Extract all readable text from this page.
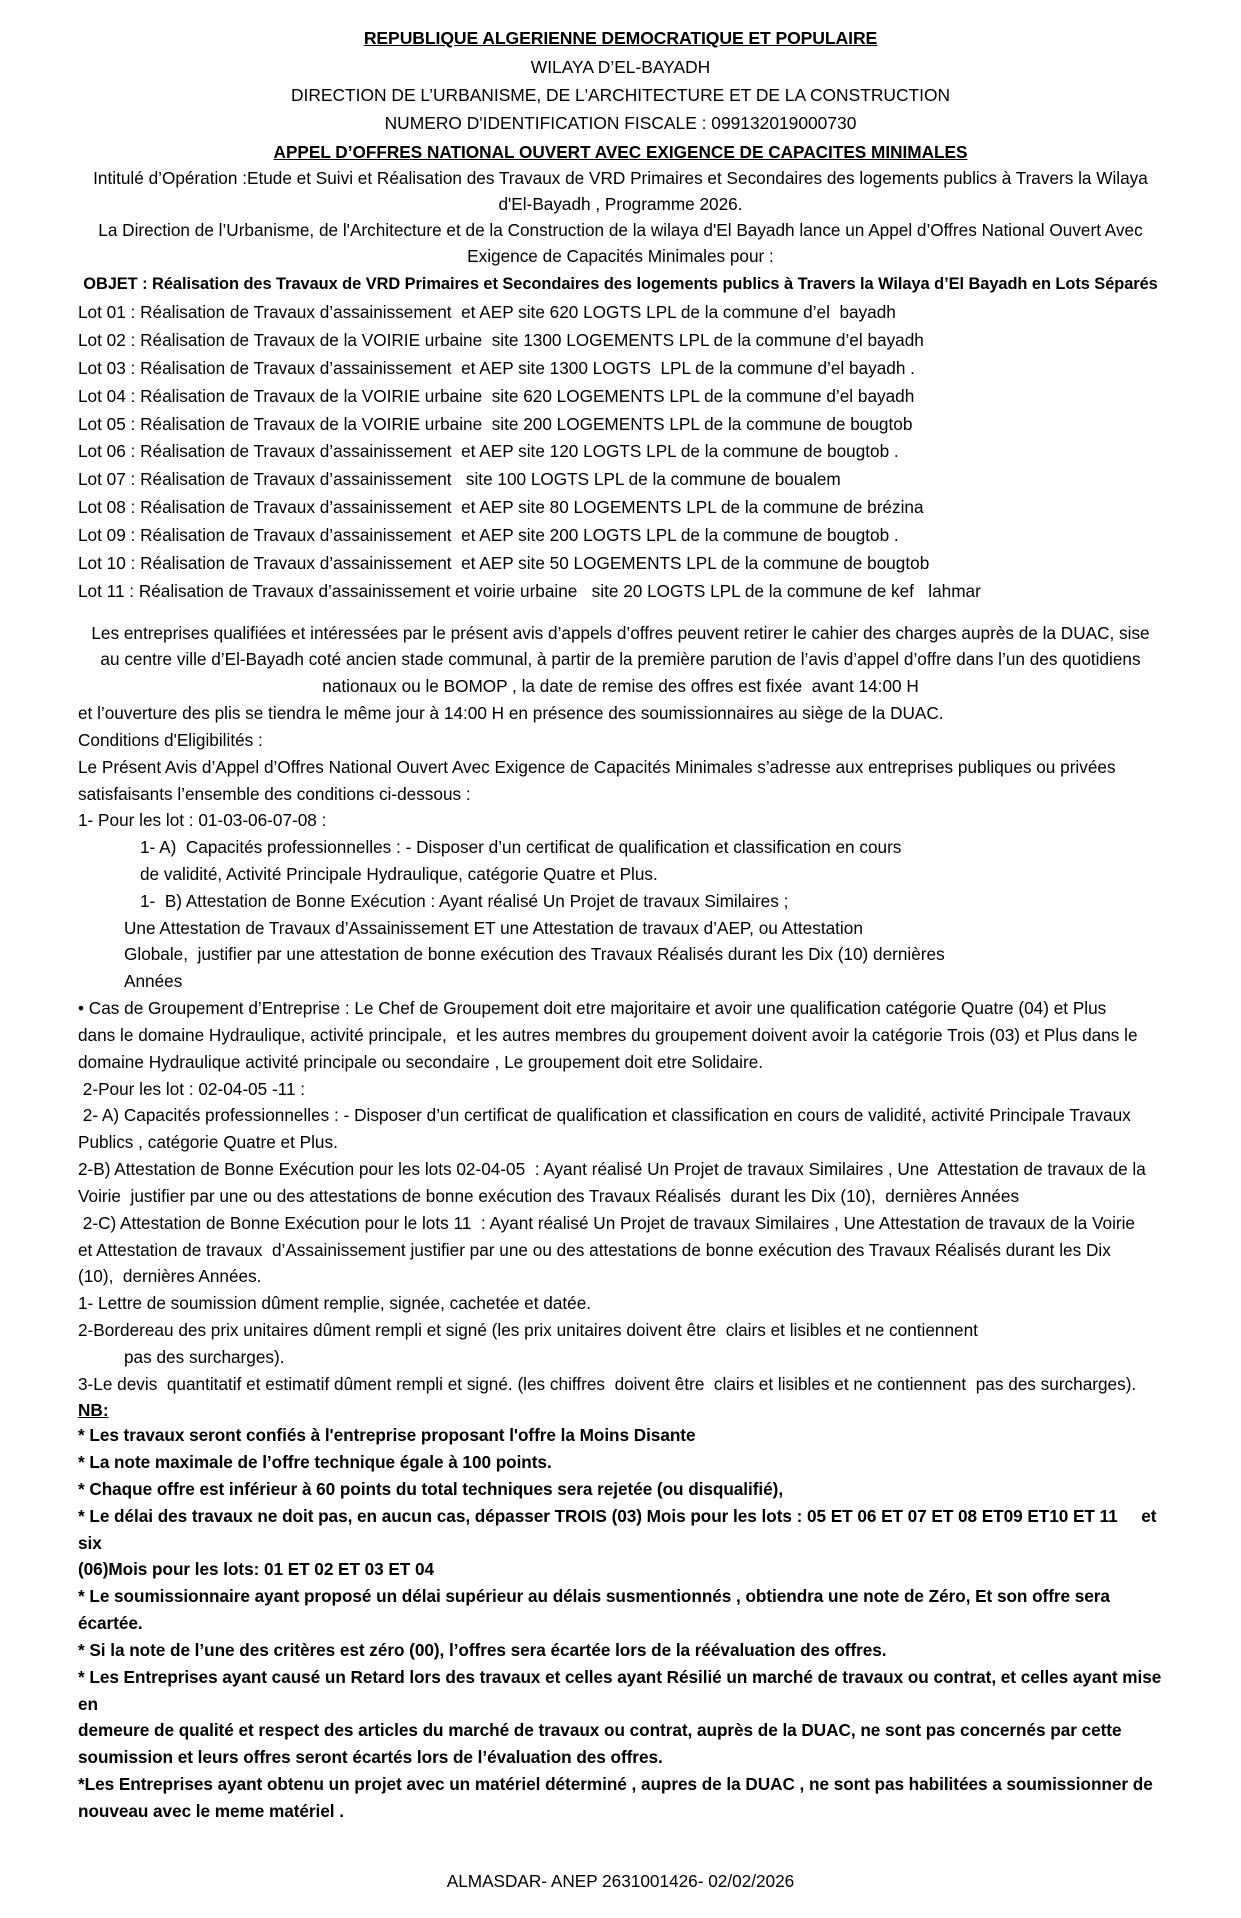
REPUBLIQUE ALGERIENNE DEMOCRATIQUE ET POPULAIRE
WILAYA D’EL-BAYADH
DIRECTION DE L’URBANISME, DE L'ARCHITECTURE ET DE LA CONSTRUCTION
NUMERO D'IDENTIFICATION FISCALE : 099132019000730
APPEL D’OFFRES NATIONAL OUVERT AVEC EXIGENCE DE CAPACITES MINIMALES
Intitulé d’Opération :Etude et Suivi et Réalisation des Travaux de VRD Primaires et Secondaires des logements publics à Travers la Wilaya
d'El-Bayadh , Programme 2026.
La Direction de l’Urbanisme, de l'Architecture et de la Construction de la wilaya d'El Bayadh lance un Appel d’Offres National Ouvert Avec
Exigence de Capacités Minimales pour :
OBJET : Réalisation des Travaux de VRD Primaires et Secondaires des logements publics à Travers la Wilaya d’El Bayadh en Lots Séparés
Lot 01 : Réalisation de Travaux d’assainissement  et AEP site 620 LOGTS LPL de la commune d’el  bayadh
Lot 02 : Réalisation de Travaux de la VOIRIE urbaine  site 1300 LOGEMENTS LPL de la commune d’el bayadh
Lot 03 : Réalisation de Travaux d’assainissement  et AEP site 1300 LOGTS  LPL de la commune d’el bayadh .
Lot 04 : Réalisation de Travaux de la VOIRIE urbaine  site 620 LOGEMENTS LPL de la commune d’el bayadh
Lot 05 : Réalisation de Travaux de la VOIRIE urbaine  site 200 LOGEMENTS LPL de la commune de bougtob
Lot 06 : Réalisation de Travaux d’assainissement  et AEP site 120 LOGTS LPL de la commune de bougtob .
Lot 07 : Réalisation de Travaux d’assainissement   site 100 LOGTS LPL de la commune de boualem
Lot 08 : Réalisation de Travaux d’assainissement  et AEP site 80 LOGEMENTS LPL de la commune de brézina
Lot 09 : Réalisation de Travaux d’assainissement  et AEP site 200 LOGTS LPL de la commune de bougtob .
Lot 10 : Réalisation de Travaux d’assainissement  et AEP site 50 LOGEMENTS LPL de la commune de bougtob
Lot 11 : Réalisation de Travaux d’assainissement et voirie urbaine   site 20 LOGTS LPL de la commune de kef   lahmar
Les entreprises qualifiées et intéressées par le présent avis d’appels d’offres peuvent retirer le cahier des charges auprès de la DUAC, sise
au centre ville d’El-Bayadh coté ancien stade communal, à partir de la première parution de l’avis d’appel d’offre dans l’un des quotidiens
nationaux ou le BOMOP , la date de remise des offres est fixée  avant 14:00 H
et l’ouverture des plis se tiendra le même jour à 14:00 H en présence des soumissionnaires au siège de la DUAC.
Conditions d'Eligibilités :
Le Présent Avis d’Appel d’Offres National Ouvert Avec Exigence de Capacités Minimales s’adresse aux entreprises publiques ou privées
satisfaisants l’ensemble des conditions ci-dessous :
1- Pour les lot : 01-03-06-07-08 :
1- A)  Capacités professionnelles : - Disposer d’un certificat de qualification et classification en cours
de validité, Activité Principale Hydraulique, catégorie Quatre et Plus.
1-  B) Attestation de Bonne Exécution : Ayant réalisé Un Projet de travaux Similaires ;
Une Attestation de Travaux d’Assainissement ET une Attestation de travaux d’AEP, ou Attestation
Globale,  justifier par une attestation de bonne exécution des Travaux Réalisés durant les Dix (10) dernières
Années
• Cas de Groupement d’Entreprise : Le Chef de Groupement doit etre majoritaire et avoir une qualification catégorie Quatre (04) et Plus
dans le domaine Hydraulique, activité principale,  et les autres membres du groupement doivent avoir la catégorie Trois (03) et Plus dans le
domaine Hydraulique activité principale ou secondaire , Le groupement doit etre Solidaire.
2-Pour les lot : 02-04-05 -11 :
2- A) Capacités professionnelles : - Disposer d’un certificat de qualification et classification en cours de validité, activité Principale Travaux
Publics , catégorie Quatre et Plus.
2-B) Attestation de Bonne Exécution pour les lots 02-04-05  : Ayant réalisé Un Projet de travaux Similaires , Une  Attestation de travaux de la
Voirie  justifier par une ou des attestations de bonne exécution des Travaux Réalisés  durant les Dix (10),  dernières Années
2-C) Attestation de Bonne Exécution pour le lots 11  : Ayant réalisé Un Projet de travaux Similaires , Une Attestation de travaux de la Voirie
et Attestation de travaux  d’Assainissement justifier par une ou des attestations de bonne exécution des Travaux Réalisés durant les Dix
(10),  dernières Années.
1- Lettre de soumission dûment remplie, signée, cachetée et datée.
2-Bordereau des prix unitaires dûment rempli et signé (les prix unitaires doivent être  clairs et lisibles et ne contiennent
pas des surcharges).
3-Le devis  quantitatif et estimatif dûment rempli et signé. (les chiffres  doivent être  clairs et lisibles et ne contiennent  pas des surcharges).
NB:
* Les travaux seront confiés à l'entreprise proposant l'offre la Moins Disante
* La note maximale de l’offre technique égale à 100 points.
* Chaque offre est inférieur à 60 points du total techniques sera rejetée (ou disqualifié),
* Le délai des travaux ne doit pas, en aucun cas, dépasser TROIS (03) Mois pour les lots : 05 ET 06 ET 07 ET 08 ET09 ET10 ET 11     et six
(06)Mois pour les lots: 01 ET 02 ET 03 ET 04
* Le soumissionnaire ayant proposé un délai supérieur au délais susmentionnés , obtiendra une note de Zéro, Et son offre sera écartée.
* Si la note de l’une des critères est zéro (00), l’offres sera écartée lors de la réévaluation des offres.
* Les Entreprises ayant causé un Retard lors des travaux et celles ayant Résilié un marché de travaux ou contrat, et celles ayant mise en
demeure de qualité et respect des articles du marché de travaux ou contrat, auprès de la DUAC, ne sont pas concernés par cette
soumission et leurs offres seront écartés lors de l’évaluation des offres.
*Les Entreprises ayant obtenu un projet avec un matériel déterminé , aupres de la DUAC , ne sont pas habilitées a soumissionner de
nouveau avec le meme matériel .
ALMASDAR- ANEP 2631001426- 02/02/2026
